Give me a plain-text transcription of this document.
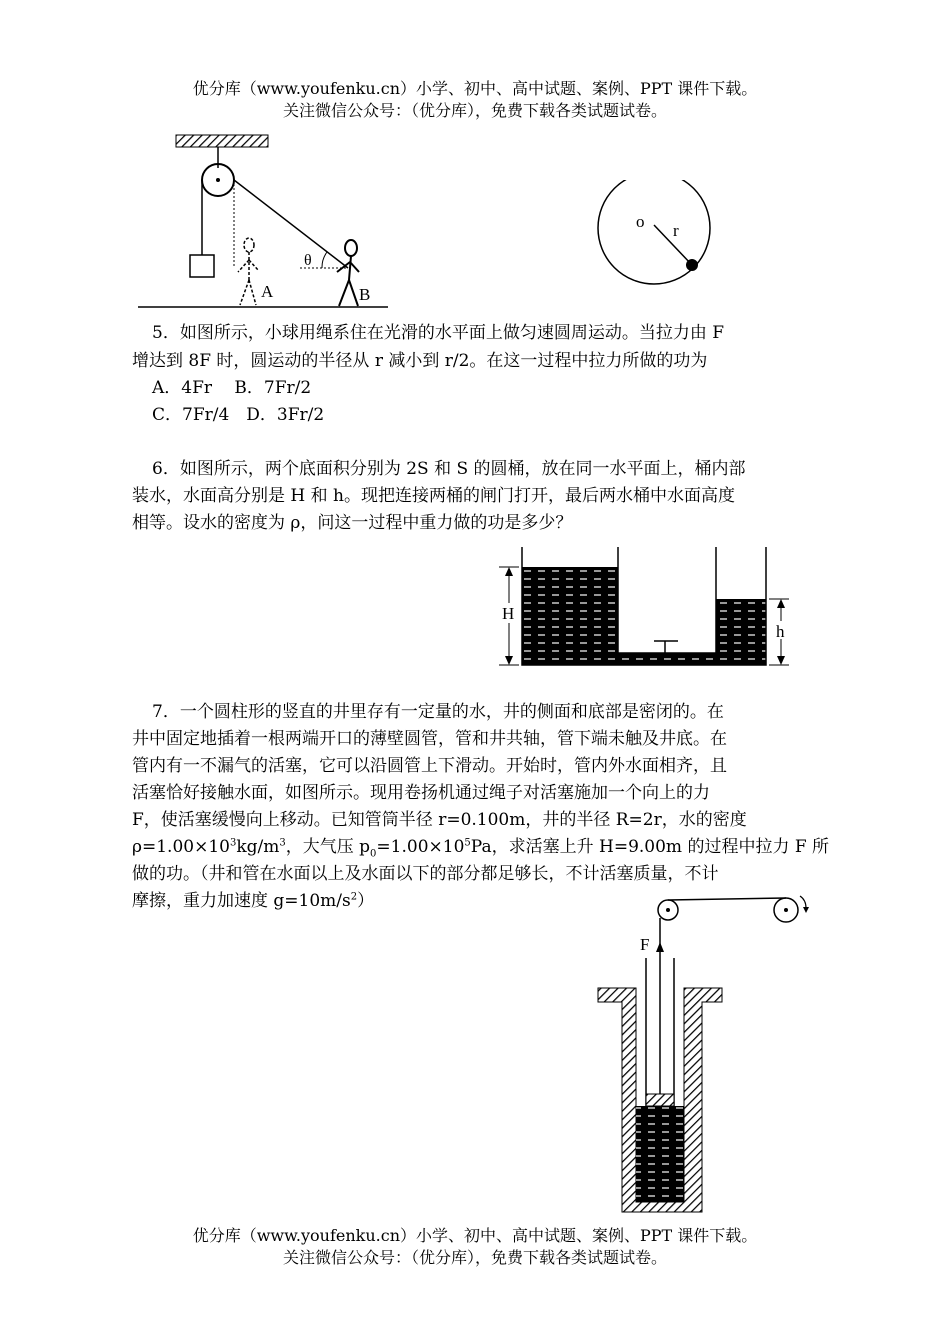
优分库（www.youfenku.cn）小学、初中、高中试题、案例、PPT 课件下载。
关注微信公众号：（优分库），免费下载各类试题试卷。
A	B
θ
o r
5．如图所示，小球用绳系住在光滑的水平面上做匀速圆周运动。当拉力由 F
增达到 8F 时，圆运动的半径从 r 减小到 r/2。在这一过程中拉力所做的功为
A．4Fr　 B．7Fr/2
C．7Fr/4　D．3Fr/2
6．如图所示，两个底面积分别为 2S 和 S 的圆桶，放在同一水平面上，桶内部
装水，水面高分别是 H 和 h。现把连接两桶的闸门打开，最后两水桶中水面高度
相等。设水的密度为 ρ，问这一过程中重力做的功是多少？
H
h
7．一个圆柱形的竖直的井里存有一定量的水，井的侧面和底部是密闭的。在
井中固定地插着一根两端开口的薄壁圆管，管和井共轴，管下端未触及井底。在
管内有一不漏气的活塞，它可以沿圆管上下滑动。开始时，管内外水面相齐，且
活塞恰好接触水面，如图所示。现用卷扬机通过绳子对活塞施加一个向上的力
F，使活塞缓慢向上移动。已知管筒半径 r=0.100m，井的半径 R=2r，水的密度
$\rho=1.00\times 10^3kg/m^3$，大气压 $p_0=1.00\times 10^5Pa$，求活塞上升 H=9.00m 的过程中拉力 F 所
做的功。（井和管在水面以上及水面以下的部分都足够长，不计活塞质量，不计
摩擦，重力加速度 $g=10m/s^2$）
F
优分库（www.youfenku.cn）小学、初中、高中试题、案例、PPT 课件下载。
关注微信公众号：（优分库），免费下载各类试题试卷。
